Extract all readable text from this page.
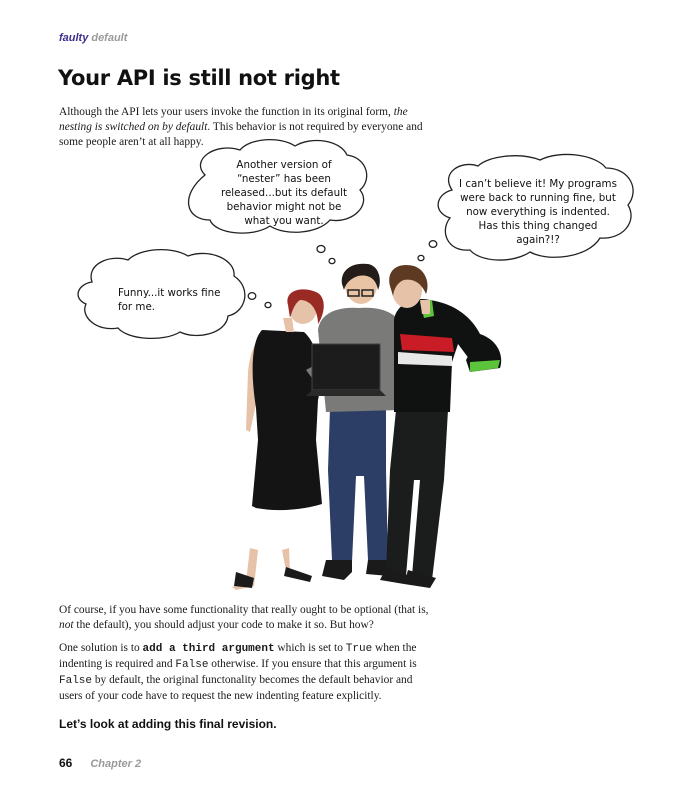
faulty default
Your API is still not right

Although the API lets your users invoke the function in its original form, the nesting is switched on by default. This behavior is not required by everyone and some people aren’t at all happy.

Another version of “nester” has been released...but its default behavior might not be what you want.

I can’t believe it! My programs were back to running fine, but now everything is indented. Has this thing changed again?!?

Funny...it works fine for me.

Of course, if you have some functionality that really ought to be optional (that is, not the default), you should adjust your code to make it so. But how?

One solution is to add a third argument which is set to True when the indenting is required and False otherwise. If you ensure that this argument is False by default, the original functonality becomes the default behavior and users of your code have to request the new indenting feature explicitly.

Let’s look at adding this final revision.

66 Chapter 2
